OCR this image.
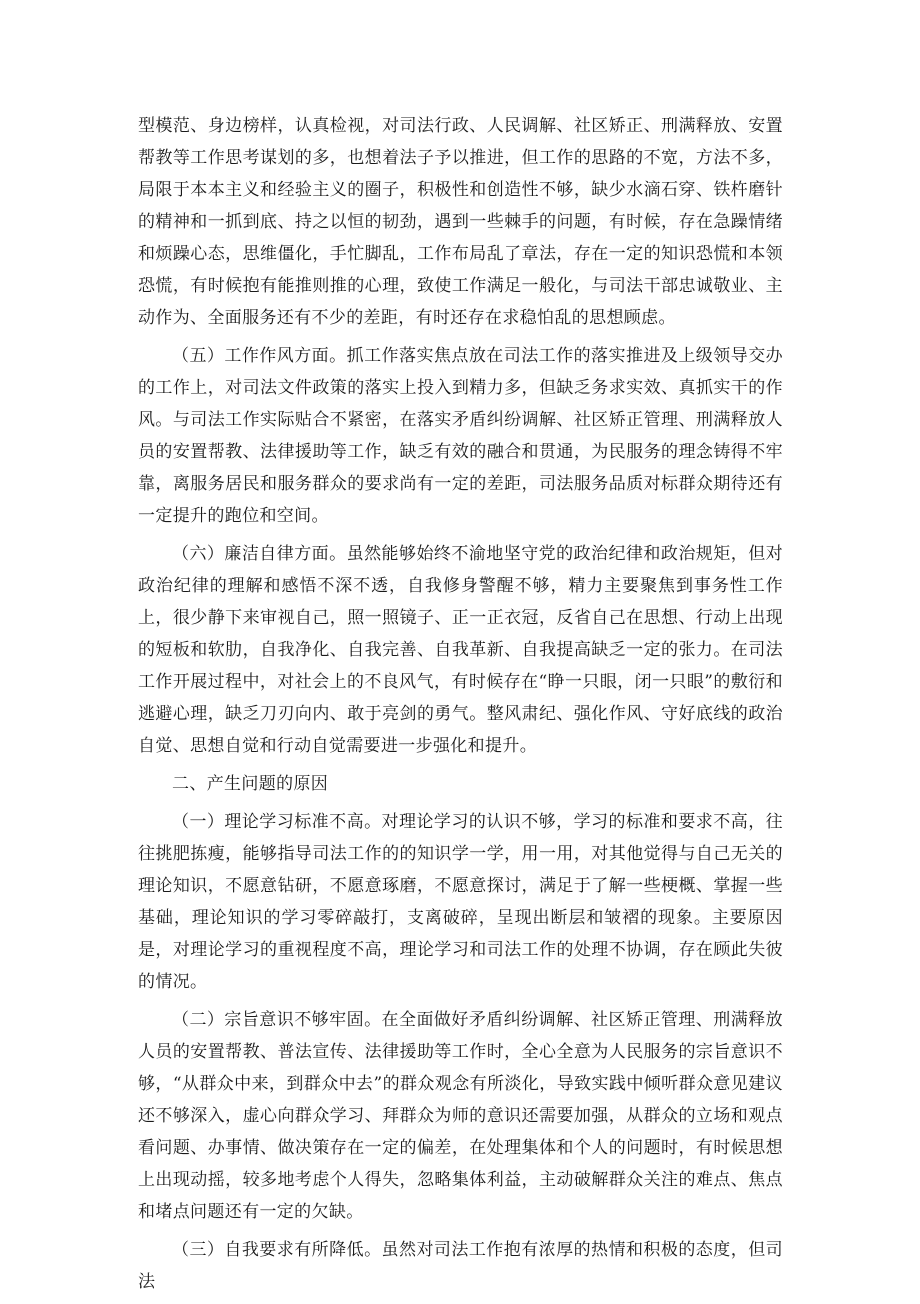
型模范、身边榜样，认真检视，对司法行政、人民调解、社区矫正、刑满释放、安置帮教等工作思考谋划的多，也想着法子予以推进，但工作的思路的不宽，方法不多，局限于本本主义和经验主义的圈子，积极性和创造性不够，缺少水滴石穿、铁杵磨针的精神和一抓到底、持之以恒的韧劲，遇到一些棘手的问题，有时候，存在急躁情绪和烦躁心态，思维僵化，手忙脚乱，工作布局乱了章法，存在一定的知识恐慌和本领恐慌，有时候抱有能推则推的心理，致使工作满足一般化，与司法干部忠诚敬业、主动作为、全面服务还有不少的差距，有时还存在求稳怕乱的思想顾虑。

（五）工作作风方面。抓工作落实焦点放在司法工作的落实推进及上级领导交办的工作上，对司法文件政策的落实上投入到精力多，但缺乏务求实效、真抓实干的作风。与司法工作实际贴合不紧密，在落实矛盾纠纷调解、社区矫正管理、刑满释放人员的安置帮教、法律援助等工作，缺乏有效的融合和贯通，为民服务的理念铸得不牢靠，离服务居民和服务群众的要求尚有一定的差距，司法服务品质对标群众期待还有一定提升的跑位和空间。

（六）廉洁自律方面。虽然能够始终不渝地坚守党的政治纪律和政治规矩，但对政治纪律的理解和感悟不深不透，自我修身警醒不够，精力主要聚焦到事务性工作上，很少静下来审视自己，照一照镜子、正一正衣冠，反省自己在思想、行动上出现的短板和软肋，自我净化、自我完善、自我革新、自我提高缺乏一定的张力。在司法工作开展过程中，对社会上的不良风气，有时候存在“睁一只眼，闭一只眼”的敷衍和逃避心理，缺乏刀刃向内、敢于亮剑的勇气。整风肃纪、强化作风、守好底线的政治自觉、思想自觉和行动自觉需要进一步强化和提升。

二、产生问题的原因

（一）理论学习标准不高。对理论学习的认识不够，学习的标准和要求不高，往往挑肥拣瘦，能够指导司法工作的的知识学一学，用一用，对其他觉得与自己无关的理论知识，不愿意钻研，不愿意琢磨，不愿意探讨，满足于了解一些梗概、掌握一些基础，理论知识的学习零碎敲打，支离破碎，呈现出断层和皱褶的现象。主要原因是，对理论学习的重视程度不高，理论学习和司法工作的处理不协调，存在顾此失彼的情况。

（二）宗旨意识不够牢固。在全面做好矛盾纠纷调解、社区矫正管理、刑满释放人员的安置帮教、普法宣传、法律援助等工作时，全心全意为人民服务的宗旨意识不够，“从群众中来，到群众中去”的群众观念有所淡化，导致实践中倾听群众意见建议还不够深入，虚心向群众学习、拜群众为师的意识还需要加强，从群众的立场和观点看问题、办事情、做决策存在一定的偏差，在处理集体和个人的问题时，有时候思想上出现动摇，较多地考虑个人得失，忽略集体利益，主动破解群众关注的难点、焦点和堵点问题还有一定的欠缺。

（三）自我要求有所降低。虽然对司法工作抱有浓厚的热情和积极的态度，但司法
